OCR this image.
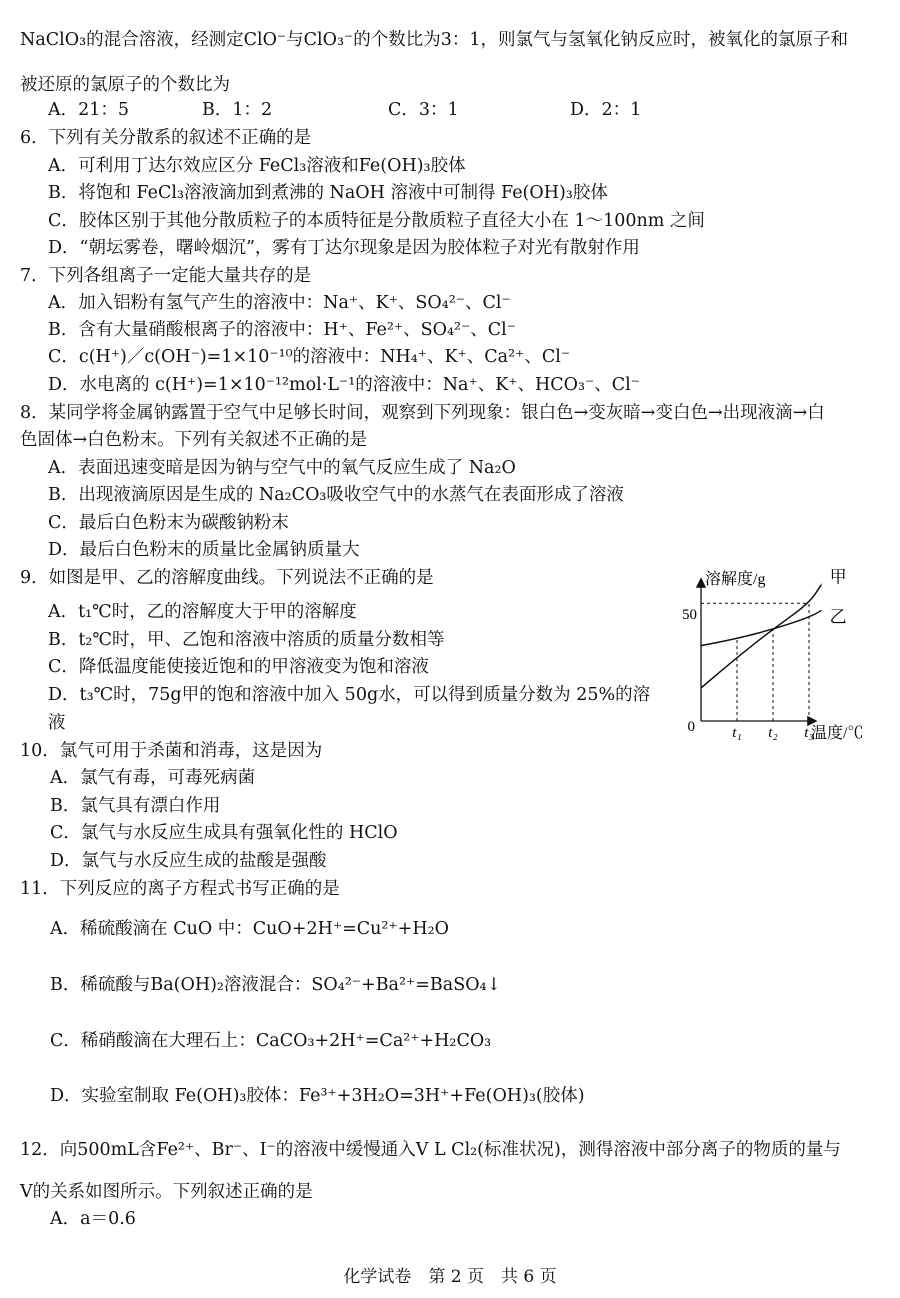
NaClO₃的混合溶液，经测定ClO⁻与ClO₃⁻的个数比为3：1，则氯气与氢氧化钠反应时，被氧化的氯原子和
被还原的氯原子的个数比为
A．21：5	B．1：2	C．3：1	D．2：1
6．下列有关分散系的叙述不正确的是
A．可利用丁达尔效应区分 FeCl₃溶液和Fe(OH)₃胶体
B．将饱和 FeCl₃溶液滴加到煮沸的 NaOH 溶液中可制得 Fe(OH)₃胶体
C．胶体区别于其他分散质粒子的本质特征是分散质粒子直径大小在 1～100nm 之间
D．“朝坛雾卷，曙岭烟沉”，雾有丁达尔现象是因为胶体粒子对光有散射作用
7．下列各组离子一定能大量共存的是
A．加入铝粉有氢气产生的溶液中：Na⁺、K⁺、SO₄²⁻、Cl⁻
B．含有大量硝酸根离子的溶液中：H⁺、Fe²⁺、SO₄²⁻、Cl⁻
C．c(H⁺)／c(OH⁻)=1×10⁻¹⁰的溶液中：NH₄⁺、K⁺、Ca²⁺、Cl⁻
D．水电离的 c(H⁺)=1×10⁻¹²mol·L⁻¹的溶液中：Na⁺、K⁺、HCO₃⁻、Cl⁻
8．某同学将金属钠露置于空气中足够长时间，观察到下列现象：银白色→变灰暗→变白色→出现液滴→白
色固体→白色粉末。下列有关叙述不正确的是
A．表面迅速变暗是因为钠与空气中的氧气反应生成了 Na₂O
B．出现液滴原因是生成的 Na₂CO₃吸收空气中的水蒸气在表面形成了溶液
C．最后白色粉末为碳酸钠粉末
D．最后白色粉末的质量比金属钠质量大
9．如图是甲、乙的溶解度曲线。下列说法不正确的是
A．t₁℃时，乙的溶解度大于甲的溶解度
B．t₂℃时，甲、乙饱和溶液中溶质的质量分数相等
C．降低温度能使接近饱和的甲溶液变为饱和溶液
D．t₃℃时，75g甲的饱和溶液中加入 50g水，可以得到质量分数为 25%的溶
液
10．氯气可用于杀菌和消毒，这是因为
A．氯气有毒，可毒死病菌
B．氯气具有漂白作用
C．氯气与水反应生成具有强氧化性的 HClO
D．氯气与水反应生成的盐酸是强酸
11．下列反应的离子方程式书写正确的是
A．稀硫酸滴在 CuO 中：CuO+2H⁺=Cu²⁺+H₂O
B．稀硫酸与Ba(OH)₂溶液混合：SO₄²⁻+Ba²⁺=BaSO₄↓
C．稀硝酸滴在大理石上：CaCO₃+2H⁺=Ca²⁺+H₂CO₃
D．实验室制取 Fe(OH)₃胶体：Fe³⁺+3H₂O=3H⁺+Fe(OH)₃(胶体)
12．向500mL含Fe²⁺、Br⁻、I⁻的溶液中缓慢通入V L Cl₂(标准状况)，测得溶液中部分离子的物质的量与
V的关系如图所示。下列叙述正确的是
A．a＝0.6
溶解度/g
温度/℃
0
50
甲
乙
t₁ t₂ t₃
化学试卷　第 2 页　共 6 页
